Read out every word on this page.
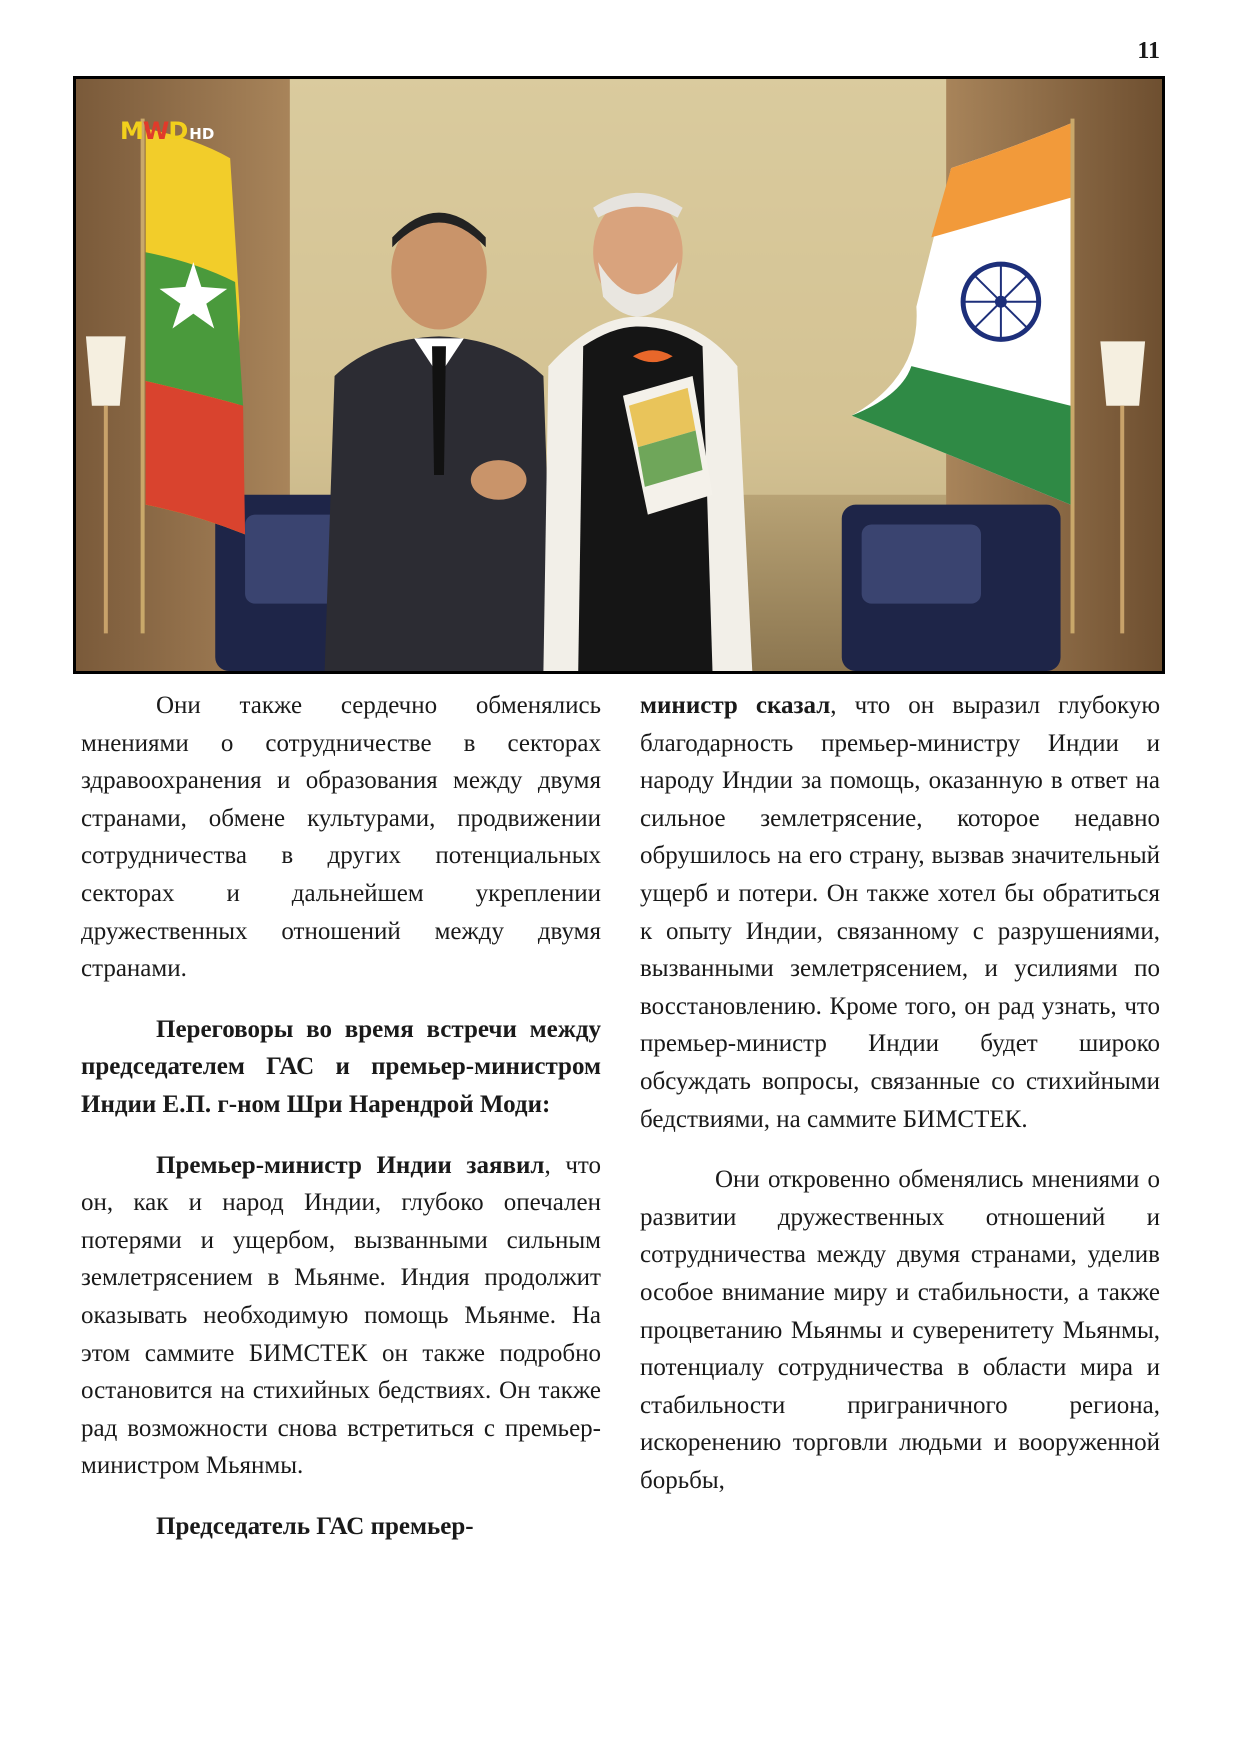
11
MWD HD

Они также сердечно обменялись мнениями о сотрудничестве в секторах здравоохранения и образования между двумя странами, обмене культурами, продвижении сотрудничества в других потенциальных секторах и дальнейшем укреплении дружественных отношений между двумя странами.

Переговоры во время встречи между председателем ГАС и премьер-министром Индии Е.П. г-ном Шри Нарендрой Моди:

Премьер-министр Индии заявил, что он, как и народ Индии, глубоко опечален потерями и ущербом, вызванными сильным землетрясением в Мьянме. Индия продолжит оказывать необходимую помощь Мьянме. На этом саммите БИМСТЕК он также подробно остановится на стихийных бедствиях. Он также рад возможности снова встретиться с премьер-министром Мьянмы.

Председатель ГАС премьер-

министр сказал, что он выразил глубокую благодарность премьер-министру Индии и народу Индии за помощь, оказанную в ответ на сильное землетрясение, которое недавно обрушилось на его страну, вызвав значительный ущерб и потери. Он также хотел бы обратиться к опыту Индии, связанному с разрушениями, вызванными землетрясением, и усилиями по восстановлению. Кроме того, он рад узнать, что премьер-министр Индии будет широко обсуждать вопросы, связанные со стихийными бедствиями, на саммите БИМСТЕК.

Они откровенно обменялись мнениями о развитии дружественных отношений и сотрудничества между двумя странами, уделив особое внимание миру и стабильности, а также процветанию Мьянмы и суверенитету Мьянмы, потенциалу сотрудничества в области мира и стабильности приграничного региона, искоренению торговли людьми и вооруженной борьбы,
